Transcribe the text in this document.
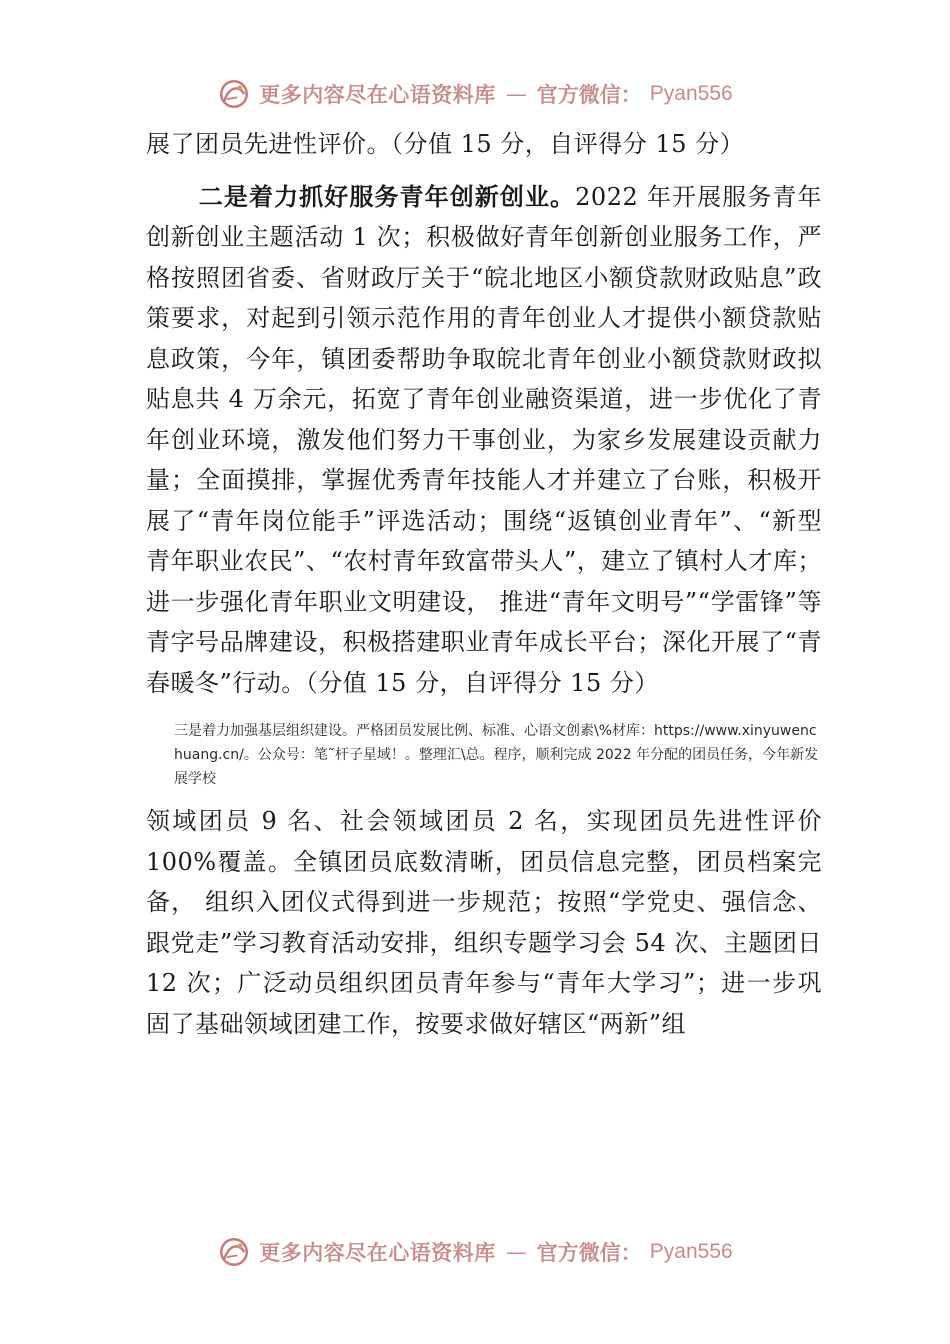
更多内容尽在心语资料库 — 官方微信： Pyan556

展了团员先进性评价。（分值 15 分，自评得分 15 分）

二是着力抓好服务青年创新创业。2022 年开展服务青年创新创业主题活动 1 次；积极做好青年创新创业服务工作，严格按照团省委、省财政厅关于“皖北地区小额贷款财政贴息”政策要求，对起到引领示范作用的青年创业人才提供小额贷款贴息政策，今年，镇团委帮助争取皖北青年创业小额贷款财政拟贴息共 4 万余元，拓宽了青年创业融资渠道，进一步优化了青年创业环境，激发他们努力干事创业，为家乡发展建设贡献力量；全面摸排，掌握优秀青年技能人才并建立了台账，积极开展了“青年岗位能手”评选活动；围绕“返镇创业青年”、“新型青年职业农民”、“农村青年致富带头人”，建立了镇村人才库；进一步强化青年职业文明建设， 推进“青年文明号”“学雷锋”等青字号品牌建设，积极搭建职业青年成长平台；深化开展了“青春暖冬”行动。（分值 15 分，自评得分 15 分）

三是着力加强基层组织建设。严格团员发展比例、标准、心语文创素\%材库：https://www.xinyuwenchuang.cn/。公众号：笔˜杆子星域！。整理汇\总。程序，顺利完成 2022 年分配的团员任务，今年新发展学校

领域团员 9 名、社会领域团员 2 名，实现团员先进性评价 100%覆盖。全镇团员底数清晰，团员信息完整，团员档案完备， 组织入团仪式得到进一步规范；按照“学党史、强信念、跟党走”学习教育活动安排，组织专题学习会 54 次、主题团日 12 次；广泛动员组织团员青年参与“青年大学习”；进一步巩固了基础领域团建工作，按要求做好辖区“两新”组

更多内容尽在心语资料库 — 官方微信： Pyan556
